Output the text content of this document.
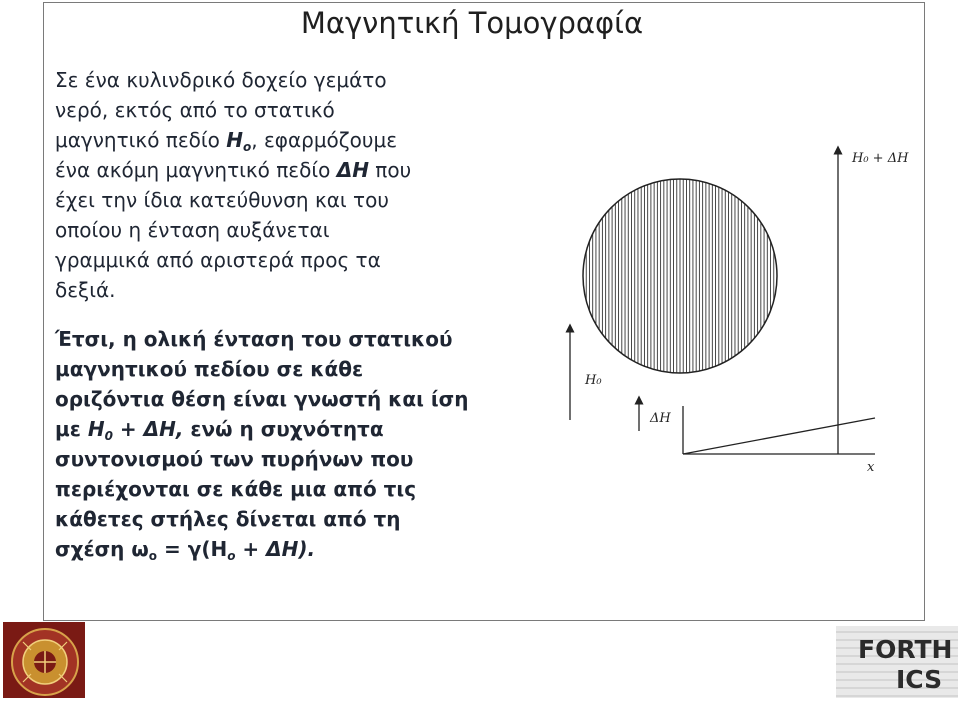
Μαγνητική Τομογραφία

Σε ένα κυλινδρικό δοχείο γεμάτο
νερό, εκτός από το στατικό
μαγνητικό πεδίο $H_o$, εφαρμόζουμε
ένα ακόμη μαγνητικό πεδίο ΔΗ που
έχει την ίδια κατεύθυνση και του
οποίου η ένταση αυξάνεται
γραμμικά από αριστερά προς τα
δεξιά.

Έτσι, η ολική ένταση του στατικού
μαγνητικού πεδίου σε κάθε
οριζόντια θέση είναι γνωστή και ίση
με $H_0 + \Delta H$, ενώ η συχνότητα
συντονισμού των πυρήνων που
περιέχονται σε κάθε μια από τις
κάθετες στήλες δίνεται από τη
σχέση $\omega_o = \gamma(H_o + \Delta H)$.

H₀ + ΔH
H₀
ΔH
x
FORTH
ICS
